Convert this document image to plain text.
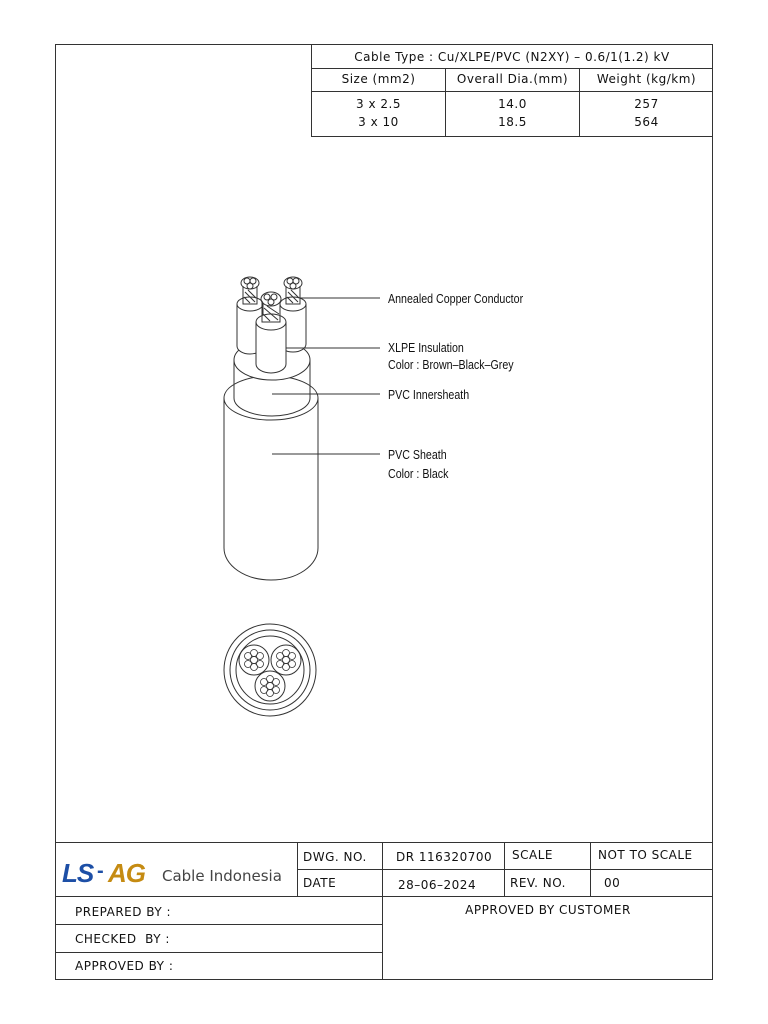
Cable Type : Cu/XLPE/PVC (N2XY) – 0.6/1(1.2) kV
Size (mm2)	Overall Dia.(mm)	Weight (kg/km)
3 x 2.5	14.0	257
3 x 10	18.5	564
Annealed Copper Conductor
XLPE Insulation
Color : Brown–Black–Grey
PVC Innersheath
PVC Sheath
Color : Black
LS - AG Cable Indonesia
DWG. NO. DR 116320700 SCALE	NOT TO SCALE
DATE	28–06–2024	REV. NO.	00
PREPARED BY :
CHECKED  BY :
APPROVED BY :
APPROVED BY CUSTOMER
